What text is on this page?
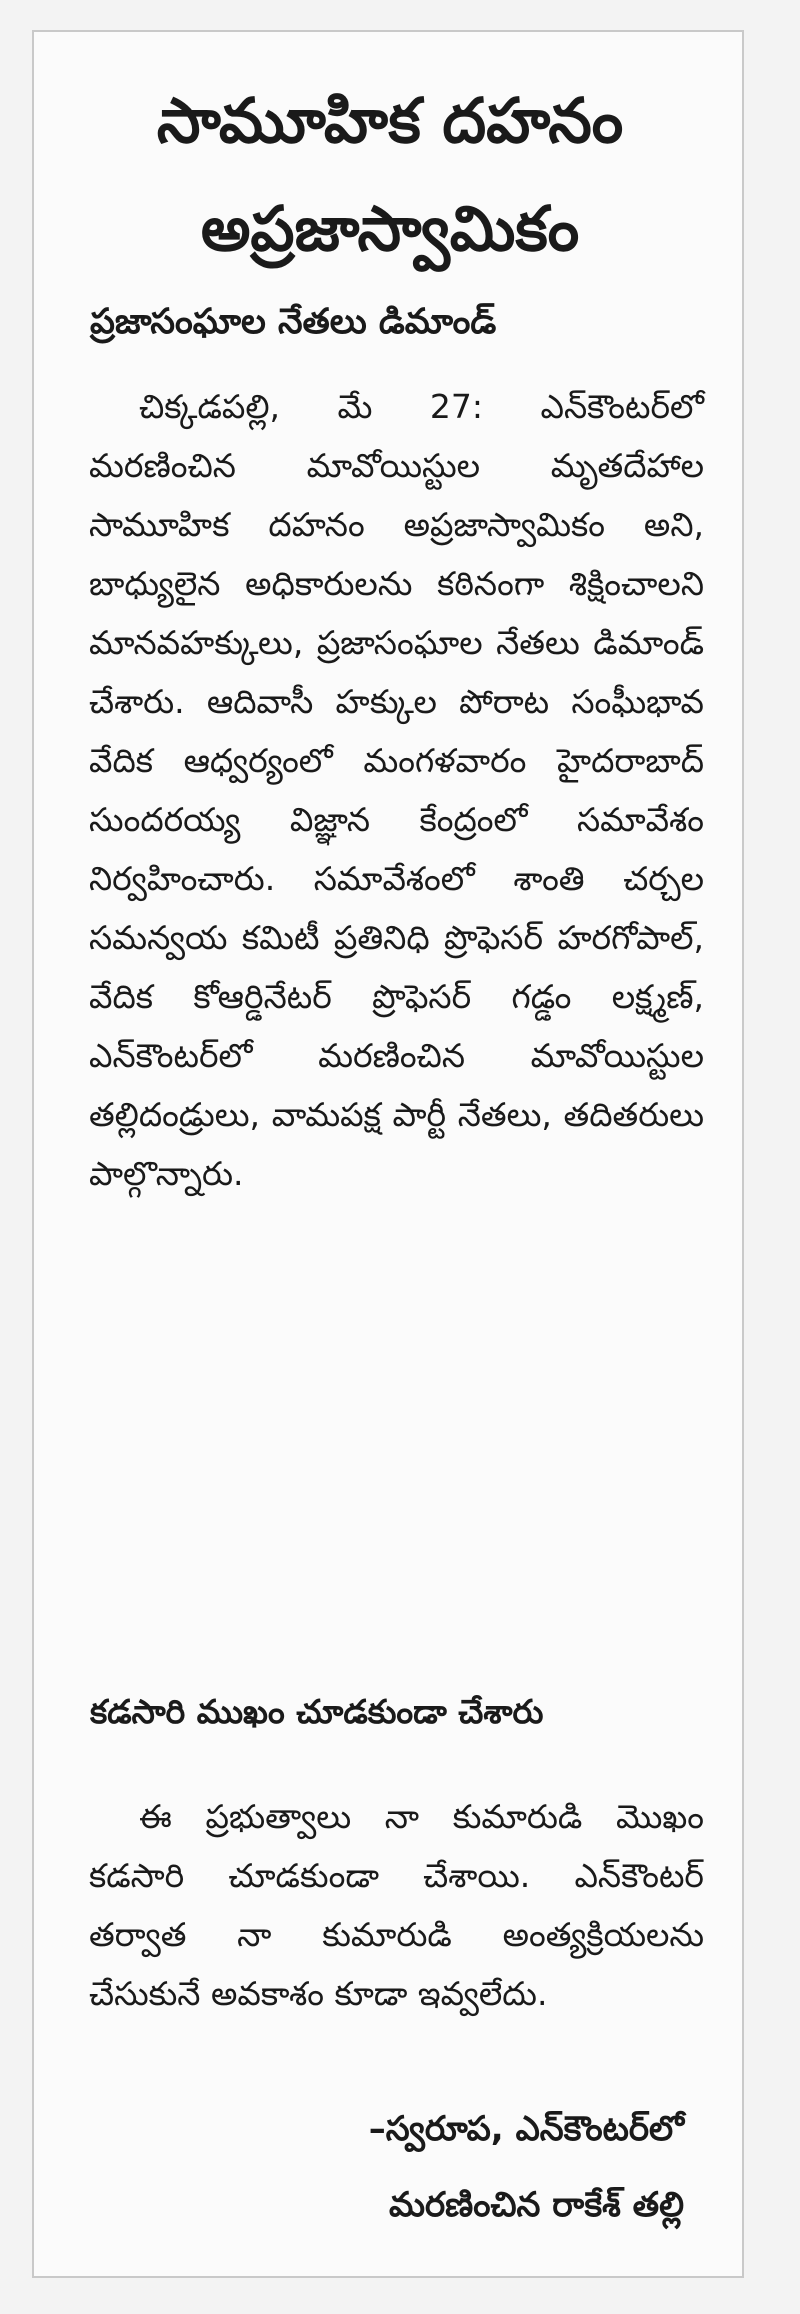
సామూహిక దహనం
అప్రజాస్వామికం
ప్రజాసంఘాల నేతలు డిమాండ్

చిక్కడపల్లి, మే 27: ఎన్‌కౌంటర్‌లో మరణించిన మావోయిస్టుల మృతదేహాల సామూహిక దహనం అప్రజాస్వామికం అని, బాధ్యులైన అధికారులను కఠినంగా శిక్షించాలని మానవహక్కులు, ప్రజాసంఘాల నేతలు డిమాండ్ చేశారు. ఆదివాసీ హక్కుల పోరాట సంఘీభావ వేదిక ఆధ్వర్యంలో మంగళవారం హైదరాబాద్ సుందరయ్య విజ్ఞాన కేంద్రంలో సమావేశం నిర్వహించారు. సమావేశంలో శాంతి చర్చల సమన్వయ కమిటీ ప్రతినిధి ప్రొఫెసర్ హరగోపాల్, వేదిక కోఆర్డినేటర్ ప్రొఫెసర్ గడ్డం లక్ష్మణ్, ఎన్‌కౌంటర్‌లో మరణించిన మావోయిస్టుల తల్లిదండ్రులు, వామపక్ష పార్టీ నేతలు, తదితరులు పాల్గొన్నారు.

కడసారి ముఖం చూడకుండా చేశారు

ఈ ప్రభుత్వాలు నా కుమారుడి మొఖం కడసారి చూడకుండా చేశాయి. ఎన్‌కౌంటర్ తర్వాత నా కుమారుడి అంత్యక్రియలను చేసుకునే అవకాశం కూడా ఇవ్వలేదు.

–స్వరూప, ఎన్‌కౌంటర్‌లో

మరణించిన రాకేశ్ తల్లి
